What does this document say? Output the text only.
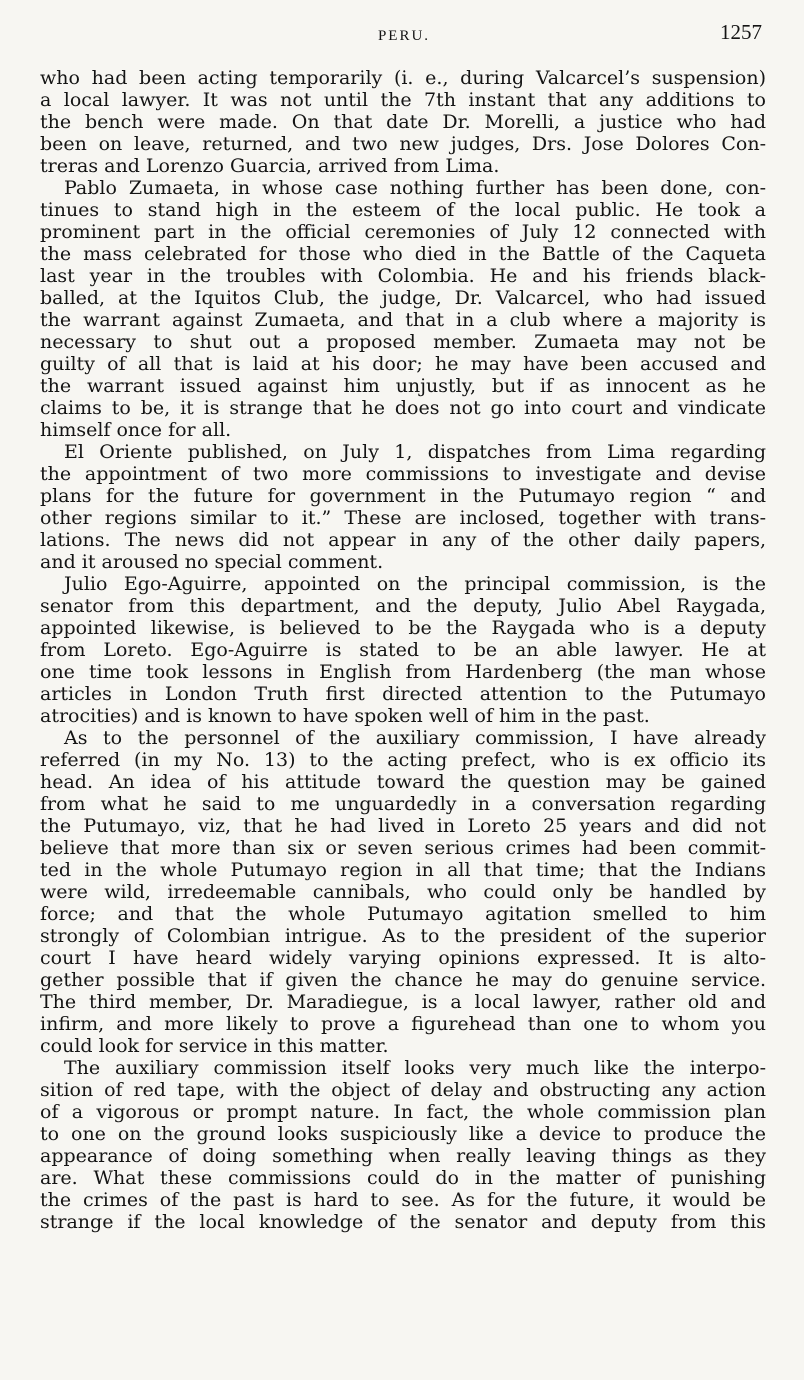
PERU.	1257
who had been acting temporarily (i. e., during Valcarcel’s suspension)
a local lawyer. It was not until the 7th instant that any additions to
the bench were made. On that date Dr. Morelli, a justice who had
been on leave, returned, and two new judges, Drs. Jose Dolores Con-
treras and Lorenzo Guarcia, arrived from Lima.
Pablo Zumaeta, in whose case nothing further has been done, con-
tinues to stand high in the esteem of the local public. He took a
prominent part in the official ceremonies of July 12 connected with
the mass celebrated for those who died in the Battle of the Caqueta
last year in the troubles with Colombia. He and his friends black-
balled, at the Iquitos Club, the judge, Dr. Valcarcel, who had issued
the warrant against Zumaeta, and that in a club where a majority is
necessary to shut out a proposed member. Zumaeta may not be
guilty of all that is laid at his door; he may have been accused and
the warrant issued against him unjustly, but if as innocent as he
claims to be, it is strange that he does not go into court and vindicate
himself once for all.
El Oriente published, on July 1, dispatches from Lima regarding
the appointment of two more commissions to investigate and devise
plans for the future for government in the Putumayo region “ and
other regions similar to it.” These are inclosed, together with trans-
lations. The news did not appear in any of the other daily papers,
and it aroused no special comment.
Julio Ego-Aguirre, appointed on the principal commission, is the
senator from this department, and the deputy, Julio Abel Raygada,
appointed likewise, is believed to be the Raygada who is a deputy
from Loreto. Ego-Aguirre is stated to be an able lawyer. He at
one time took lessons in English from Hardenberg (the man whose
articles in London Truth first directed attention to the Putumayo
atrocities) and is known to have spoken well of him in the past.
As to the personnel of the auxiliary commission, I have already
referred (in my No. 13) to the acting prefect, who is ex officio its
head. An idea of his attitude toward the question may be gained
from what he said to me unguardedly in a conversation regarding
the Putumayo, viz, that he had lived in Loreto 25 years and did not
believe that more than six or seven serious crimes had been commit-
ted in the whole Putumayo region in all that time; that the Indians
were wild, irredeemable cannibals, who could only be handled by
force; and that the whole Putumayo agitation smelled to him
strongly of Colombian intrigue. As to the president of the superior
court I have heard widely varying opinions expressed. It is alto-
gether possible that if given the chance he may do genuine service.
The third member, Dr. Maradiegue, is a local lawyer, rather old and
infirm, and more likely to prove a figurehead than one to whom you
could look for service in this matter.
The auxiliary commission itself looks very much like the interpo-
sition of red tape, with the object of delay and obstructing any action
of a vigorous or prompt nature. In fact, the whole commission plan
to one on the ground looks suspiciously like a device to produce the
appearance of doing something when really leaving things as they
are. What these commissions could do in the matter of punishing
the crimes of the past is hard to see. As for the future, it would be
strange if the local knowledge of the senator and deputy from this
